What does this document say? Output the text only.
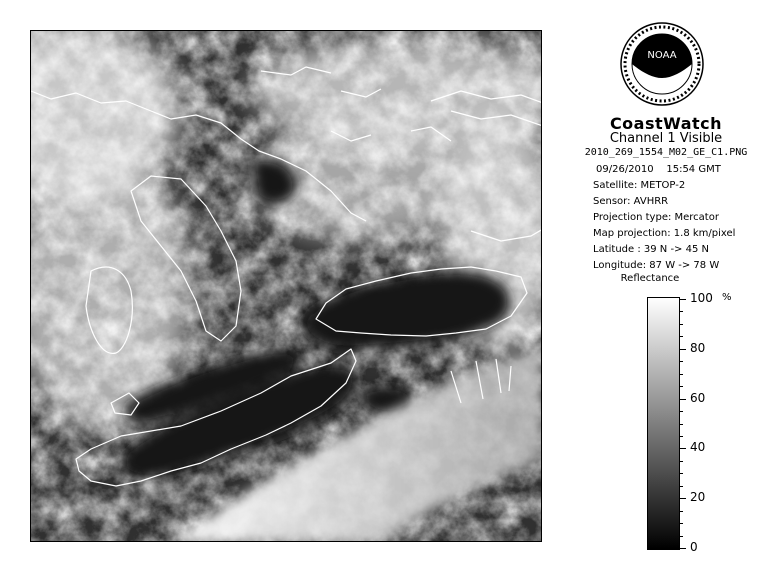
NOAA
CoastWatch
Channel 1 Visible
2010_269_1554_M02_GE_C1.PNG
09/26/2010    15:54 GMT
Satellite: METOP-2
Sensor: AVHRR
Projection type: Mercator
Map projection: 1.8 km/pixel
Latitude : 39 N -> 45 N
Longitude: 87 W -> 78 W
Reflectance
100
80
60
40
20
0
%
